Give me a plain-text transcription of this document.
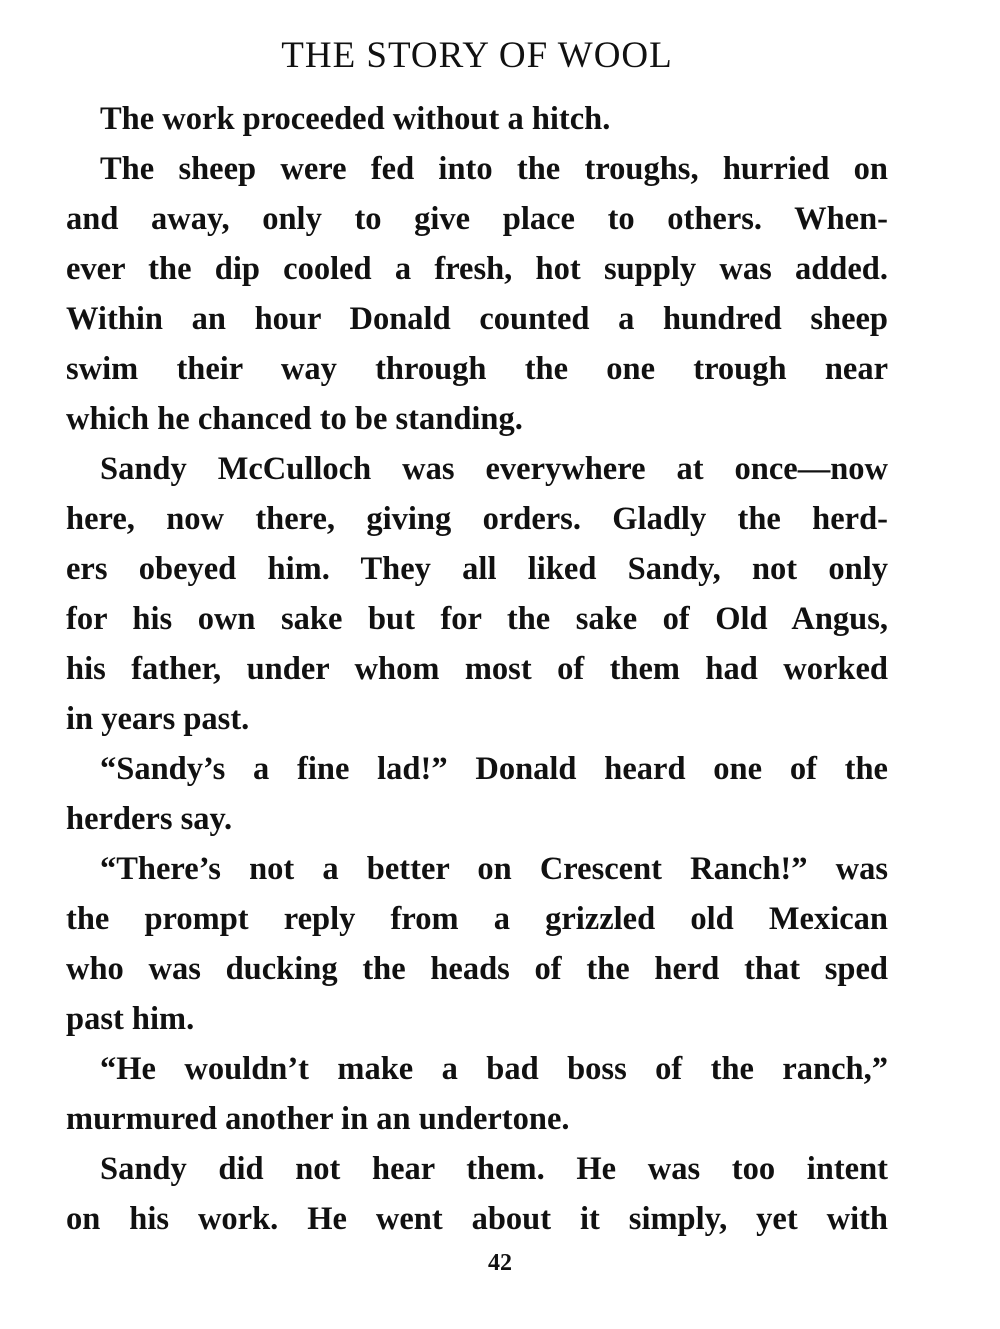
THE STORY OF WOOL

The work proceeded without a hitch.

The sheep were fed into the troughs, hurried on
and away, only to give place to others. When-
ever the dip cooled a fresh, hot supply was added.
Within an hour Donald counted a hundred sheep
swim their way through the one trough near
which he chanced to be standing.

Sandy McCulloch was everywhere at once—now
here, now there, giving orders. Gladly the herd-
ers obeyed him. They all liked Sandy, not only
for his own sake but for the sake of Old Angus,
his father, under whom most of them had worked
in years past.

“Sandy’s a fine lad!” Donald heard one of the
herders say.

“There’s not a better on Crescent Ranch!” was
the prompt reply from a grizzled old Mexican
who was ducking the heads of the herd that sped
past him.

“He wouldn’t make a bad boss of the ranch,”
murmured another in an undertone.

Sandy did not hear them. He was too intent
on his work. He went about it simply, yet with

42
